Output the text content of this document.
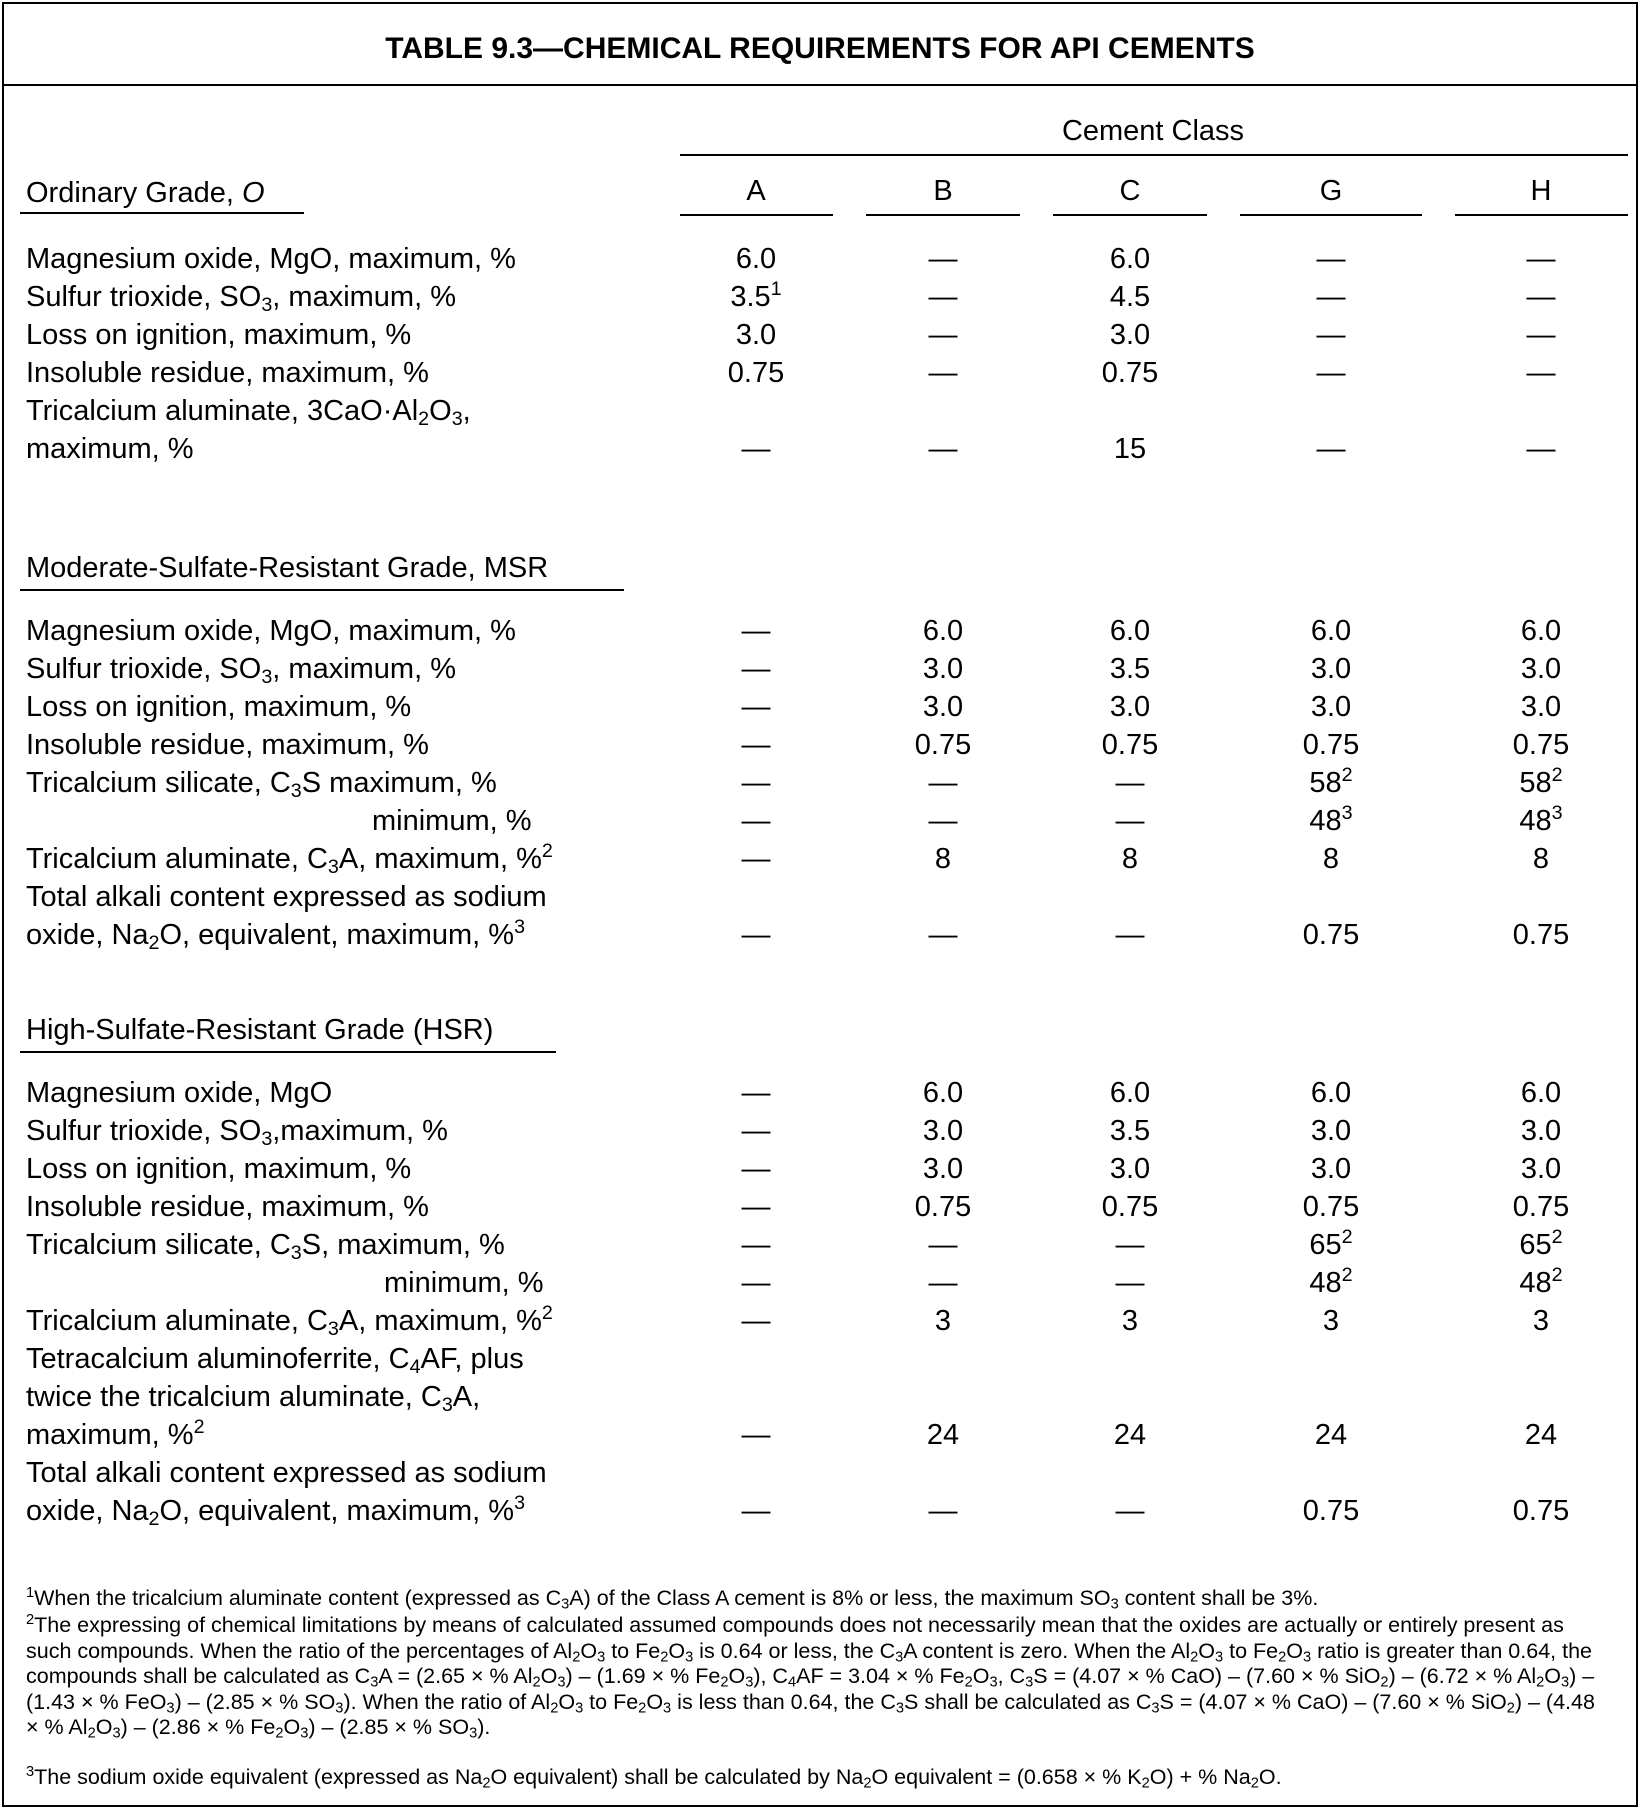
TABLE 9.3—CHEMICAL REQUIREMENTS FOR API CEMENTS
Cement Class
A	B	C	G	H
Ordinary Grade, O
Magnesium oxide, MgO, maximum, %	6.0	—	6.0	—	—
Sulfur trioxide, $SO_3$, maximum, %	$3.5^1$	—	4.5	—	—
Loss on ignition, maximum, %	3.0	—	3.0	—	—
Insoluble residue, maximum, %	0.75	—	0.75	—	—
Tricalcium aluminate, $3CaO\cdot Al_2O_3$,
maximum, %	—	—	15	—	—
Moderate-Sulfate-Resistant Grade, MSR
Magnesium oxide, MgO, maximum, %	—	6.0	6.0	6.0	6.0
Sulfur trioxide, $SO_3$, maximum, %	—	3.0	3.5	3.0	3.0
Loss on ignition, maximum, %	—	3.0	3.0	3.0	3.0
Insoluble residue, maximum, %	—	0.75	0.75	0.75	0.75
Tricalcium silicate, $C_3S$ maximum, %	—	—	—	$58^2$	$58^2$
minimum, %	—	—	—	$48^3$	$48^3$
Tricalcium aluminate, $C_3A$, maximum, %$^2$	—	8	8	8	8
Total alkali content expressed as sodium
oxide, $Na_2O$, equivalent, maximum, %$^3$	—	—	—	0.75	0.75
High-Sulfate-Resistant Grade (HSR)
Magnesium oxide, MgO	—	6.0	6.0	6.0	6.0
Sulfur trioxide, $SO_3,maximum$, %	—	3.0	3.5	3.0	3.0
Loss on ignition, maximum, %	—	3.0	3.0	3.0	3.0
Insoluble residue, maximum, %	—	0.75	0.75	0.75	0.75
Tricalcium silicate, $C_3S$, maximum, %	—	—	—	$65^2$	$65^2$
minimum, %	—	—	—	$48^2$	$48^2$
Tricalcium aluminate, $C_3A$, maximum, %$^2$	—	3	3	3	3
Tetracalcium aluminoferrite, $C_4AF$, plus
twice the tricalcium aluminate, $C_3A$,
maximum, %$^2$	—	24	24	24	24
Total alkali content expressed as sodium
oxide, $Na_2O$, equivalent, maximum, %$^3$	—	—	—	0.75	0.75
$^1$When the tricalcium aluminate content (expressed as $C_3A$) of the Class A cement is 8% or less, the maximum $SO_3$ content shall be 3%.
$^2$The expressing of chemical limitations by means of calculated assumed compounds does not necessarily mean that the oxides are actually or entirely present as such compounds. When the ratio of the percentages of $Al_2O_3$ to $Fe_2O_3$ is 0.64 or less, the $C_3A$ content is zero. When the $Al_2O_3$ to $Fe_2O_3$ ratio is greater than 0.64, the compounds shall be calculated as $C_3A = (2.65$ × % $Al_2O_3) - (1.69$ × % $Fe_2O_3$), $C_4AF = 3.04$ × % $Fe_2O_3$, $C_3S = (4.07$ × % CaO) – (7.60 × % SiO$_2$) – (6.72 × % $Al_2O_3) - (1.43$ × % FeO$_3$) – (2.85 × % $SO_3$). When the ratio of $Al_2O_3$ to $Fe_2O_3$ is less than 0.64, the $C_3S$ shall be calculated as $C_3S = (4.07$ × % CaO) – (7.60 × % SiO$_2$) – (4.48 × % $Al_2O_3) - (2.86$ × % $Fe_2O_3) - (2.85$ × % $SO_3$).
$^3$The sodium oxide equivalent (expressed as $Na_2O$ equivalent) shall be calculated by $Na_2O$ equivalent = (0.658 × % $K_2O$) + % $Na_2O$.
